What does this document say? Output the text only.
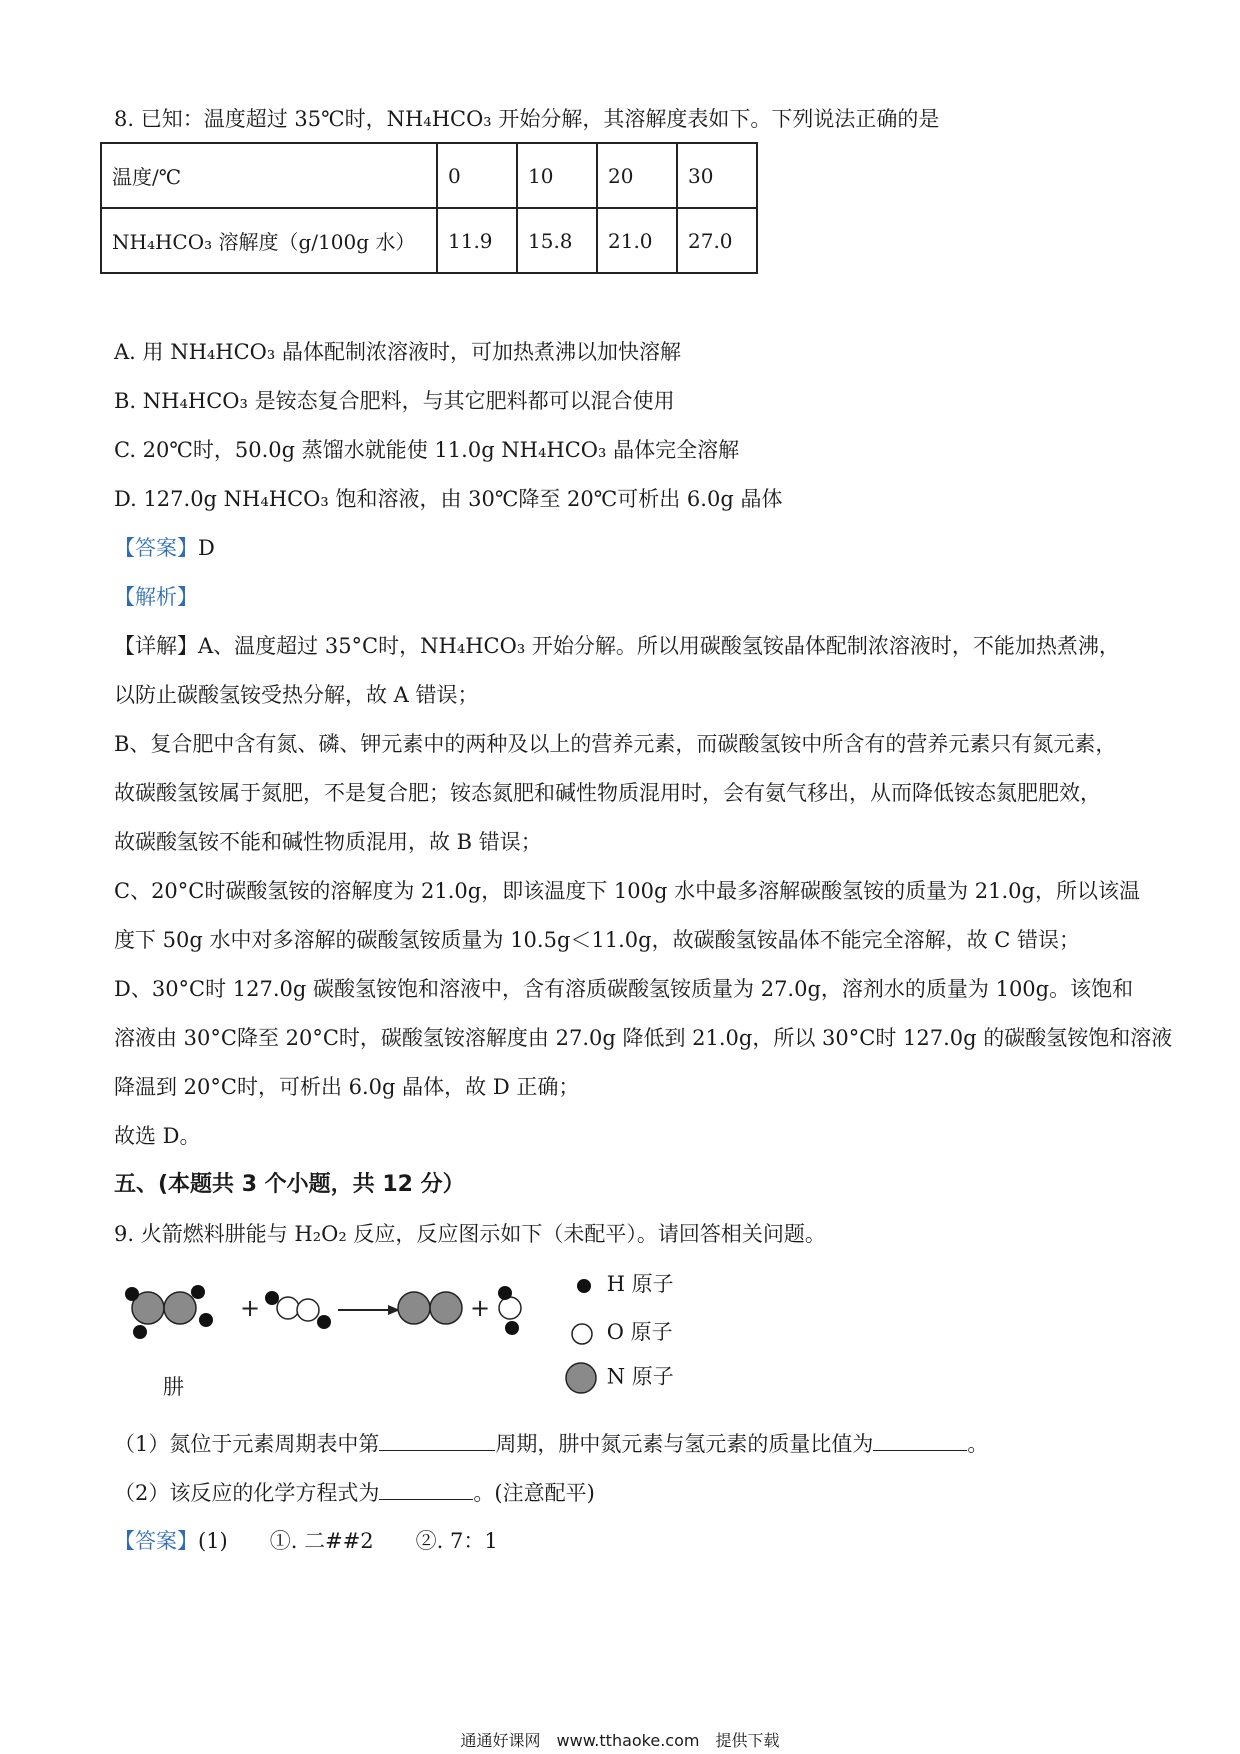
8. 已知：温度超过 35℃时，NH₄HCO₃ 开始分解，其溶解度表如下。下列说法正确的是
温度/℃	0	10	20	30
NH₄HCO₃ 溶解度（g/100g 水）	11.9	15.8	21.0	27.0
A. 用 NH₄HCO₃ 晶体配制浓溶液时，可加热煮沸以加快溶解
B. NH₄HCO₃ 是铵态复合肥料，与其它肥料都可以混合使用
C. 20℃时，50.0g 蒸馏水就能使 11.0g NH₄HCO₃ 晶体完全溶解
D. 127.0g NH₄HCO₃ 饱和溶液，由 30℃降至 20℃可析出 6.0g 晶体
【答案】D
【解析】
【详解】A、温度超过 35°C时，NH₄HCO₃ 开始分解。所以用碳酸氢铵晶体配制浓溶液时，不能加热煮沸，
以防止碳酸氢铵受热分解，故 A 错误；
B、复合肥中含有氮、磷、钾元素中的两种及以上的营养元素，而碳酸氢铵中所含有的营养元素只有氮元素，
故碳酸氢铵属于氮肥，不是复合肥；铵态氮肥和碱性物质混用时，会有氨气移出，从而降低铵态氮肥肥效，
故碳酸氢铵不能和碱性物质混用，故 B 错误；
C、20°C时碳酸氢铵的溶解度为 21.0g，即该温度下 100g 水中最多溶解碳酸氢铵的质量为 21.0g，所以该温
度下 50g 水中对多溶解的碳酸氢铵质量为 10.5g＜11.0g，故碳酸氢铵晶体不能完全溶解，故 C 错误；
D、30°C时 127.0g 碳酸氢铵饱和溶液中，含有溶质碳酸氢铵质量为 27.0g，溶剂水的质量为 100g。该饱和
溶液由 30°C降至 20°C时，碳酸氢铵溶解度由 27.0g 降低到 21.0g，所以 30°C时 127.0g 的碳酸氢铵饱和溶液
降温到 20°C时，可析出 6.0g 晶体，故 D 正确；
故选 D。
五、(本题共 3 个小题，共 12 分）
9. 火箭燃料肼能与 H₂O₂ 反应，反应图示如下（未配平）。请回答相关问题。
+	+
肼
H 原子
O 原子
N 原子
（1）氮位于元素周期表中第	周期，肼中氮元素与氢元素的质量比值为	。
（2）该反应的化学方程式为	。(注意配平)
【答案】(1)　　①. 二##2　　②. 7：1
通通好课网　www.tthaoke.com　提供下载
